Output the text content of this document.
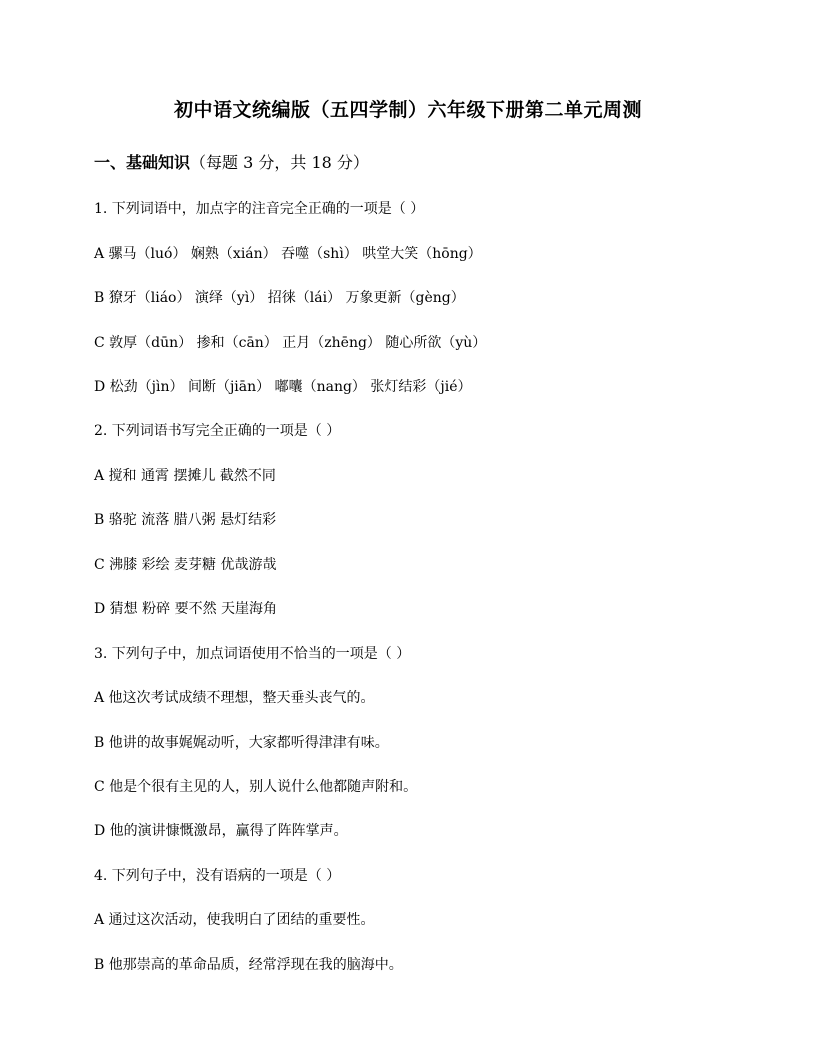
初中语文统编版（五四学制）六年级下册第二单元周测
一、基础知识（每题 3 分，共 18 分）
1. 下列词语中，加点字的注音完全正确的一项是（ ）
A 骡马（luó） 娴熟（xián） 吞噬（shì） 哄堂大笑（hōng）
B 獠牙（liáo） 演绎（yì） 招徕（lái） 万象更新（gèng）
C 敦厚（dūn） 掺和（cān） 正月（zhēng） 随心所欲（yù）
D 松劲（jìn） 间断（jiān） 嘟囔（nang） 张灯结彩（jié）
2. 下列词语书写完全正确的一项是（ ）
A 搅和 通霄 摆摊儿 截然不同
B 骆驼 流落 腊八粥 悬灯结彩
C 沸膝 彩绘 麦芽糖 优哉游哉
D 猜想 粉碎 要不然 天崖海角
3. 下列句子中，加点词语使用不恰当的一项是（ ）
A 他这次考试成绩不理想，整天垂头丧气的。
B 他讲的故事娓娓动听，大家都听得津津有味。
C 他是个很有主见的人，别人说什么他都随声附和。
D 他的演讲慷慨激昂，赢得了阵阵掌声。
4. 下列句子中，没有语病的一项是（ ）
A 通过这次活动，使我明白了团结的重要性。
B 他那崇高的革命品质，经常浮现在我的脑海中。
